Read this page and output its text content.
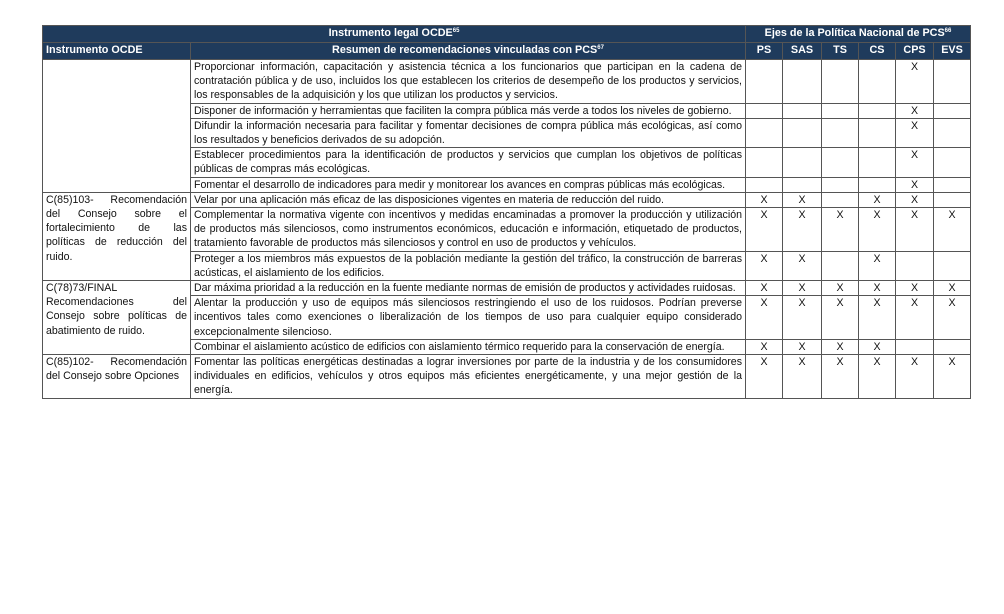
Instrumento legal OCDE$^{65}$		Ejes de la Política Nacional de PCS$^{66}$
Instrumento OCDE	Resumen de recomendaciones vinculadas con PCS$^{67}$	PS	SAS	TS	CS	CPS	EVS
	Proporcionar información, capacitación y asistencia técnica a los funcionarios que participan en la cadena de contratación pública y de uso, incluidos los que establecen los criterios de desempeño de los productos y servicios, los responsables de la adquisición y los que utilizan los productos y servicios.					X	
	Disponer de información y herramientas que faciliten la compra pública más verde a todos los niveles de gobierno.					X	
	Difundir la información necesaria para facilitar y fomentar decisiones de compra pública más ecológicas, así como los resultados y beneficios derivados de su adopción.					X	
	Establecer procedimientos para la identificación de productos y servicios que cumplan los objetivos de políticas públicas de compras más ecológicas.					X	
	Fomentar el desarrollo de indicadores para medir y monitorear los avances en compras públicas más ecológicas.					X	
C(85)103- Recomendación del Consejo sobre el fortalecimiento de las políticas de reducción del ruido.	Velar por una aplicación más eficaz de las disposiciones vigentes en materia de reducción del ruido.	X	X		X	X	
	Complementar la normativa vigente con incentivos y medidas encaminadas a promover la producción y utilización de productos más silenciosos, como instrumentos económicos, educación e información, etiquetado de productos, tratamiento favorable de productos más silenciosos y control en uso de productos y vehículos.	X	X	X	X	X	X
	Proteger a los miembros más expuestos de la población mediante la gestión del tráfico, la construcción de barreras acústicas, el aislamiento de los edificios.	X	X		X		
C(78)73/FINAL Recomendaciones del Consejo sobre políticas de abatimiento de ruido.	Dar máxima prioridad a la reducción en la fuente mediante normas de emisión de productos y actividades ruidosas.	X	X	X	X	X	X
	Alentar la producción y uso de equipos más silenciosos restringiendo el uso de los ruidosos. Podrían preverse incentivos tales como exenciones o liberalización de los tiempos de uso para cualquier equipo considerado excepcionalmente silencioso.	X	X	X	X	X	X
	Combinar el aislamiento acústico de edificios con aislamiento térmico requerido para la conservación de energía.	X	X	X	X		
C(85)102- Recomendación del Consejo sobre Opciones	Fomentar las políticas energéticas destinadas a lograr inversiones por parte de la industria y de los consumidores individuales en edificios, vehículos y otros equipos más eficientes energéticamente, y una mejor gestión de la energía.	X	X	X	X	X	X
